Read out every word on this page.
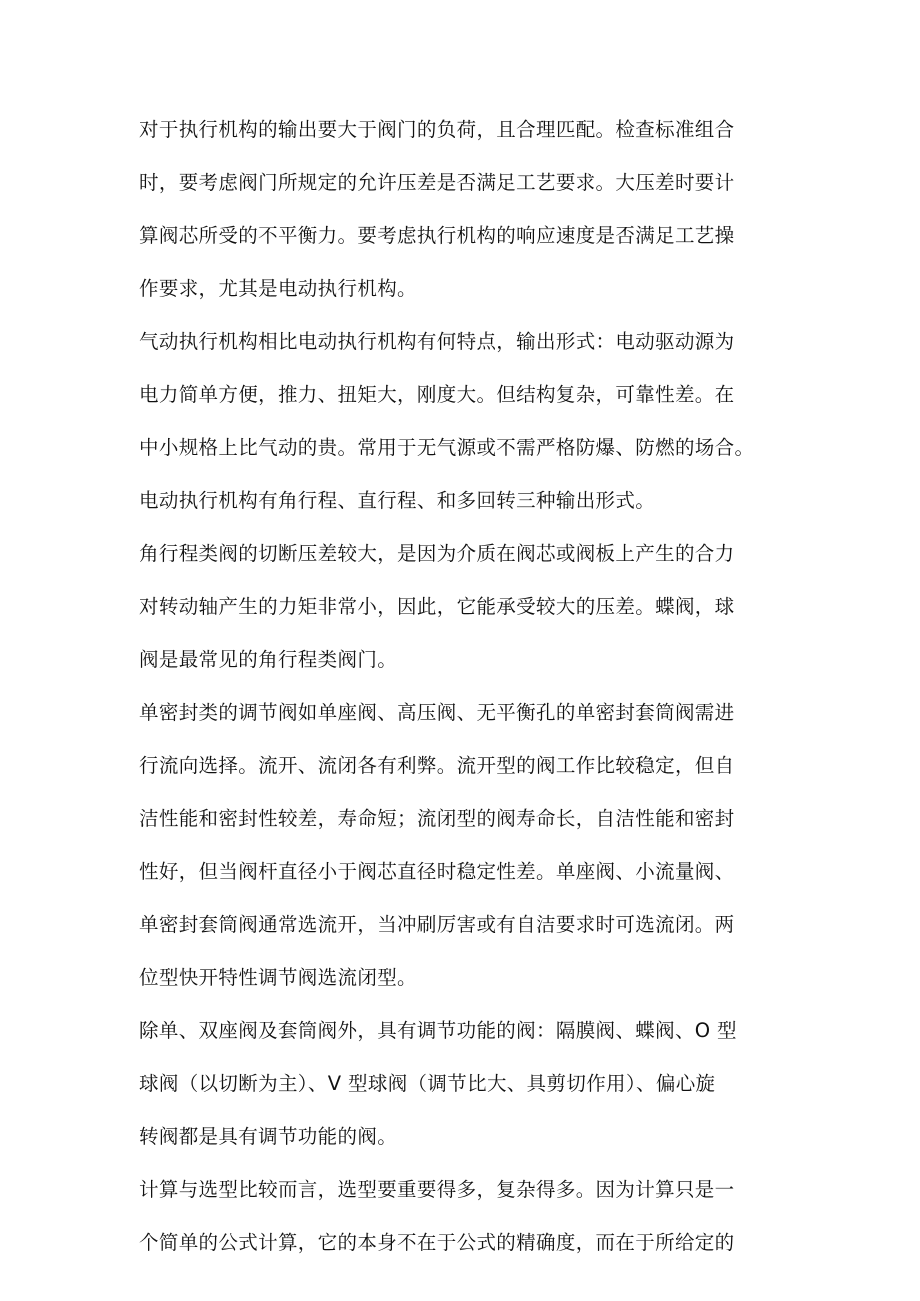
对于执行机构的输出要大于阀门的负荷，且合理匹配。检查标准组合
时，要考虑阀门所规定的允许压差是否满足工艺要求。大压差时要计
算阀芯所受的不平衡力。要考虑执行机构的响应速度是否满足工艺操
作要求，尤其是电动执行机构。
气动执行机构相比电动执行机构有何特点，输出形式：电动驱动源为
电力简单方便，推力、扭矩大，刚度大。但结构复杂，可靠性差。在
中小规格上比气动的贵。常用于无气源或不需严格防爆、防燃的场合。
电动执行机构有角行程、直行程、和多回转三种输出形式。
角行程类阀的切断压差较大，是因为介质在阀芯或阀板上产生的合力
对转动轴产生的力矩非常小，因此，它能承受较大的压差。蝶阀，球
阀是最常见的角行程类阀门。
单密封类的调节阀如单座阀、高压阀、无平衡孔的单密封套筒阀需进
行流向选择。流开、流闭各有利弊。流开型的阀工作比较稳定，但自
洁性能和密封性较差，寿命短；流闭型的阀寿命长，自洁性能和密封
性好，但当阀杆直径小于阀芯直径时稳定性差。单座阀、小流量阀、
单密封套筒阀通常选流开，当冲刷厉害或有自洁要求时可选流闭。两
位型快开特性调节阀选流闭型。
除单、双座阀及套筒阀外，具有调节功能的阀：隔膜阀、蝶阀、O 型
球阀（以切断为主）、V 型球阀（调节比大、具剪切作用）、偏心旋
转阀都是具有调节功能的阀。
计算与选型比较而言，选型要重要得多，复杂得多。因为计算只是一
个简单的公式计算，它的本身不在于公式的精确度，而在于所给定的
